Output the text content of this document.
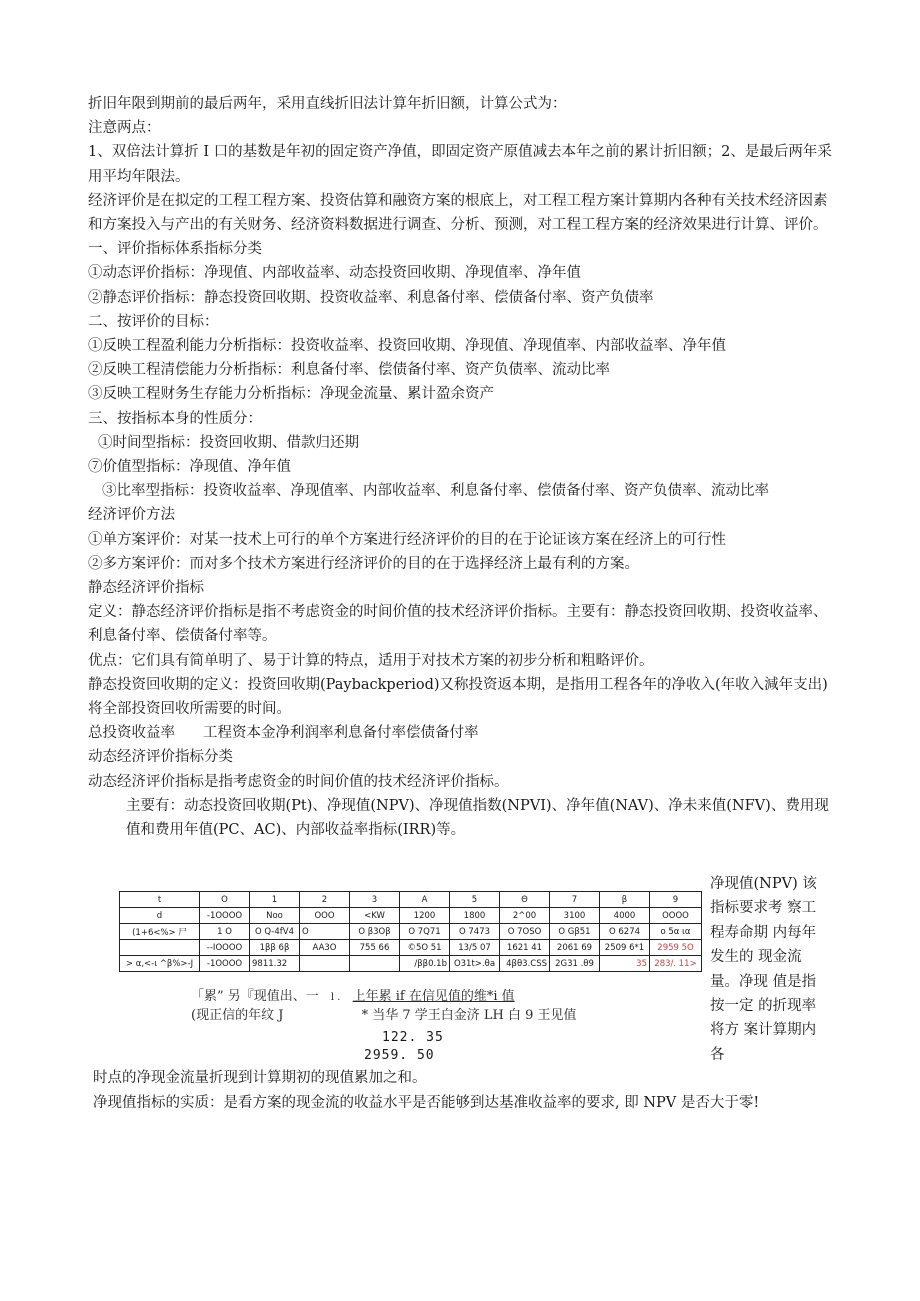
折旧年限到期前的最后两年，采用直线折旧法计算年折旧额，计算公式为：
注意两点：
1、双倍法计算折 I 口的基数是年初的固定资产净值，即固定资产原值减去本年之前的累计折旧额；2、是最后两年采用平均年限法。
经济评价是在拟定的工程工程方案、投资估算和融资方案的根底上，对工程工程方案计算期内各种有关技术经济因素和方案投入与产出的有关财务、经济资料数据进行调查、分析、预测，对工程工程方案的经济效果进行计算、评价。
一、评价指标体系指标分类
①动态评价指标：净现值、内部收益率、动态投资回收期、净现值率、净年值
②静态评价指标：静态投资回收期、投资收益率、利息备付率、偿债备付率、资产负债率
二、按评价的目标：
①反映工程盈利能力分析指标：投资收益率、投资回收期、净现值、净现值率、内部收益率、净年值
②反映工程清偿能力分析指标：利息备付率、偿债备付率、资产负债率、流动比率
③反映工程财务生存能力分析指标：净现金流量、累计盈余资产
三、按指标本身的性质分：
①时间型指标：投资回收期、借款归还期
⑦价值型指标：净现值、净年值
③比率型指标：投资收益率、净现值率、内部收益率、利息备付率、偿债备付率、资产负债率、流动比率
经济评价方法
①单方案评价：对某一技术上可行的单个方案进行经济评价的目的在于论证该方案在经济上的可行性
②多方案评价：而对多个技术方案进行经济评价的目的在于选择经济上最有利的方案。
静态经济评价指标
定义：静态经济评价指标是指不考虑资金的时间价值的技术经济评价指标。主要有：静态投资回收期、投资收益率、利息备付率、偿债备付率等。
优点：它们具有简单明了、易于计算的特点，适用于对技术方案的初步分析和粗略评价。
静态投资回收期的定义：投资回收期(Paybackperiod)又称投资返本期，是指用工程各年的净收入(年收入減年支出)将全部投资回收所需要的时间。
总投资收益率 工程资本金净利润率利息备付率偿债备付率
动态经济评价指标分类
动态经济评价指标是指考虑资金的时间价值的技术经济评价指标。
主要有：动态投资回收期(Pt)、净现值(NPV)、净现值指数(NPVI)、净年值(NAV)、净未来值(NFV)、费用现值和费用年值(PC、AC)、内部收益率指标(IRR)等。
t	O	1	2	3	A	5	Θ	7	β	9
d	-1OOOO	Noo	OOO	<KW	1200	1800	2^00	3100	4000	OOOO
(1+6<%> 尸	1 O	O Q-4fV4	O	O β3Oβ	O 7Q71	O 7473	O 7OSO	O Gβ51	O 6274	o 5α ια
	--IOOOO	1ββ 6β	AA3O	755 66	©5O 51	13/5 07	1621 41	2061 69	2509 6*1	2959 5O
> α,<-ι ^β%>-J	-1OOOO	9811.32			/ββ0.1b	O31t>.θa	4βθ3.CSS	2G31 .θ9	35	283/. 11>
净现值(NPV) 该指标要求考 察工程寿命期 内每年发生的 现金流量。净现 值是指按一定 的折现率将方 案计算期内各
「累” 另『现值出、一 l . 上年累 if 在信见值的维*i 值
(现正信的年纹 J	* 当华 7 学王白金济 LH 白 9 王见值
122. 35
2959. 50
时点的净现金流量折现到计算期初的现值累加之和。
净现值指标的实质：是看方案的现金流的收益水平是否能够到达基准收益率的要求, 即 NPV 是否大于零!
